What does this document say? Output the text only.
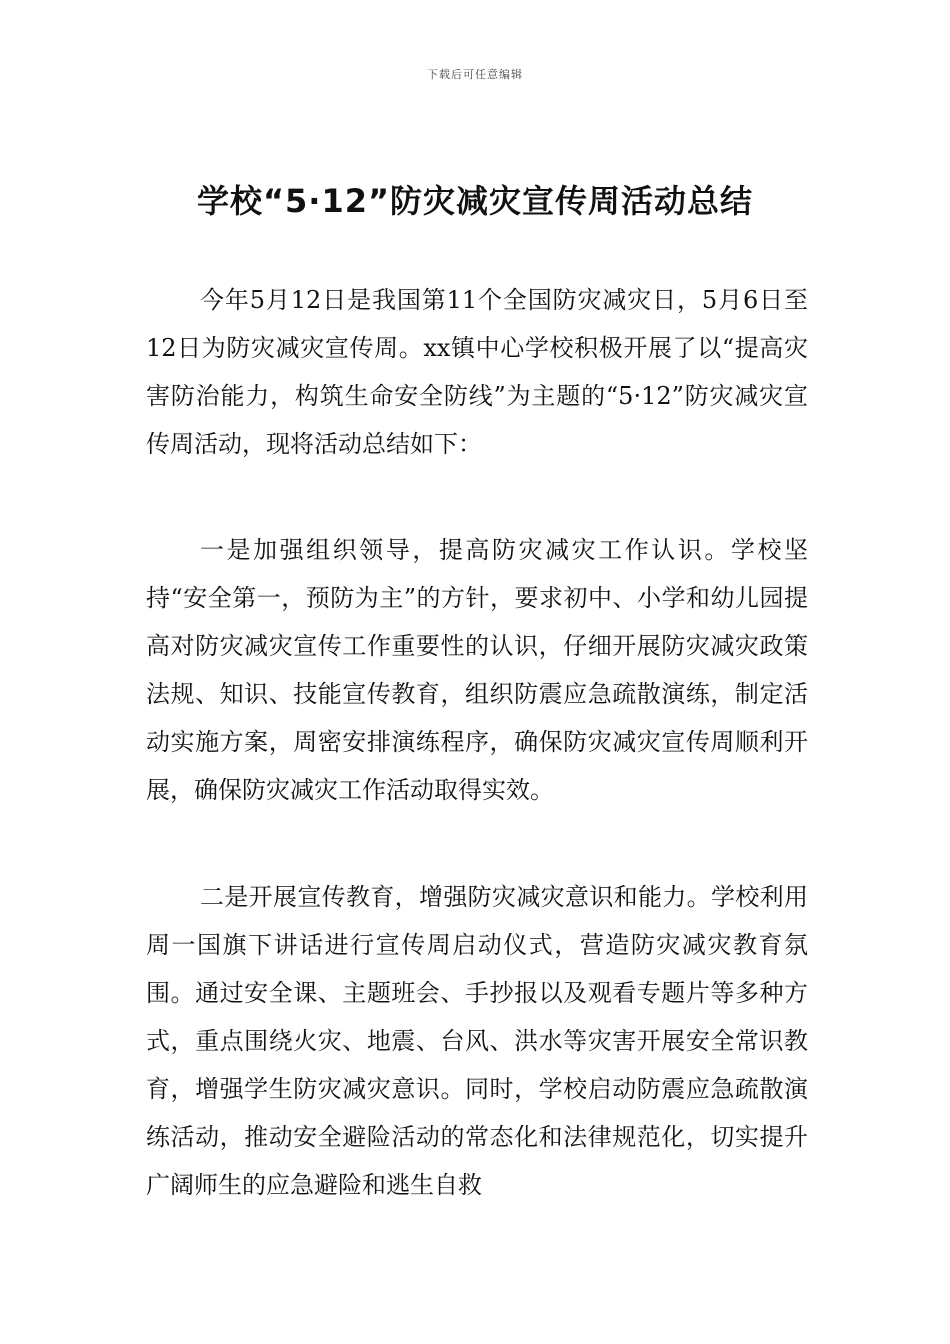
下载后可任意编辑
学校“5·12”防灾减灾宣传周活动总结

今年5月12日是我国第11个全国防灾减灾日，5月6日至12日为防灾减灾宣传周。xx镇中心学校积极开展了以“提高灾害防治能力，构筑生命安全防线”为主题的“5·12”防灾减灾宣传周活动，现将活动总结如下：

一是加强组织领导，提高防灾减灾工作认识。学校坚持“安全第一，预防为主”的方针，要求初中、小学和幼儿园提高对防灾减灾宣传工作重要性的认识，仔细开展防灾减灾政策法规、知识、技能宣传教育，组织防震应急疏散演练，制定活动实施方案，周密安排演练程序，确保防灾减灾宣传周顺利开展，确保防灾减灾工作活动取得实效。

二是开展宣传教育，增强防灾减灾意识和能力。学校利用周一国旗下讲话进行宣传周启动仪式，营造防灾减灾教育氛围。通过安全课、主题班会、手抄报以及观看专题片等多种方式，重点围绕火灾、地震、台风、洪水等灾害开展安全常识教育，增强学生防灾减灾意识。同时，学校启动防震应急疏散演练活动，推动安全避险活动的常态化和法律规范化，切实提升广阔师生的应急避险和逃生自救
